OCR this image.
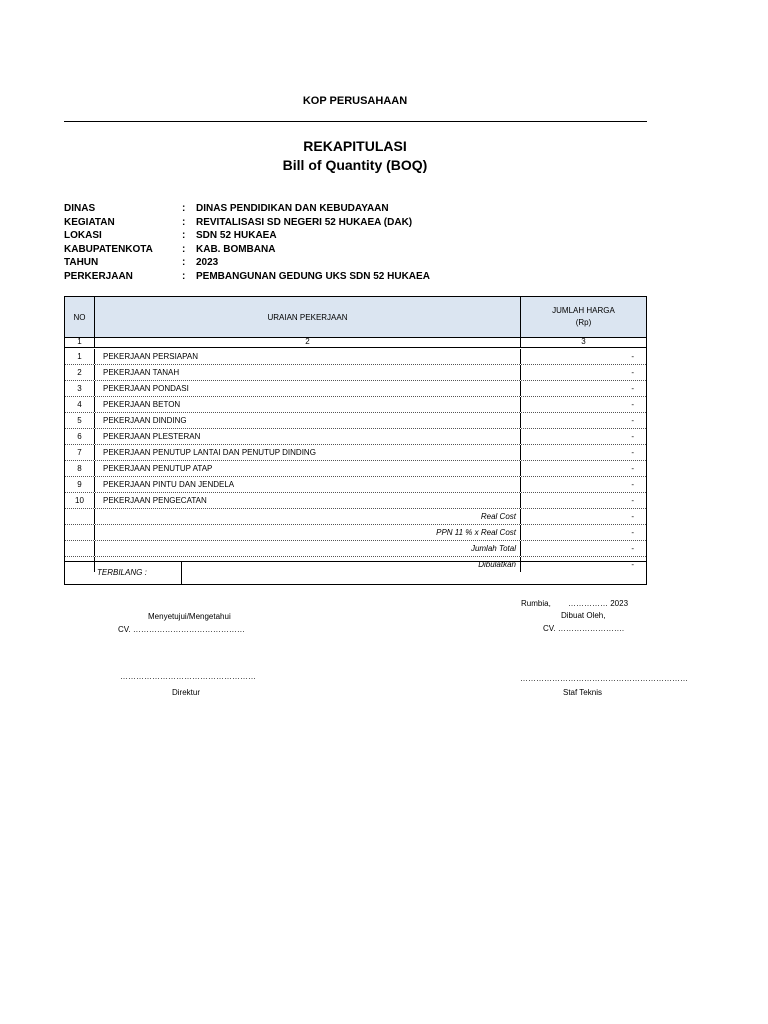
KOP PERUSAHAAN
REKAPITULASI
Bill of Quantity (BOQ)
DINAS	:	DINAS PENDIDIKAN DAN KEBUDAYAAN
KEGIATAN	:	REVITALISASI SD NEGERI 52 HUKAEA (DAK)
LOKASI	:	SDN 52 HUKAEA
KABUPATENKOTA	:	KAB. BOMBANA
TAHUN	:	2023
PERKERJAAN	:	PEMBANGUNAN GEDUNG UKS SDN 52 HUKAEA
NO	URAIAN PEKERJAAN
JUMLAH HARGA
(Rp)
1	2	3
1	PEKERJAAN PERSIAPAN	-
2	PEKERJAAN TANAH	-
3	PEKERJAAN PONDASI	-
4	PEKERJAAN BETON	-
5	PEKERJAAN DINDING	-
6	PEKERJAAN PLESTERAN	-
7	PEKERJAAN PENUTUP LANTAI DAN PENUTUP DINDING	-
8	PEKERJAAN PENUTUP ATAP	-
9	PEKERJAAN PINTU DAN JENDELA	-
10	PEKERJAAN PENGECATAN	-
Real Cost	-
PPN 11 % x Real Cost	-
Jumlah Total	-
Dibulatkan	-
TERBILANG :
Menyetujui/Mengetahui
CV. ……………………………………
……………………………………………
Direktur
Rumbia, …………… 2023
Dibuat Oleh,
CV. …………………….
………………………………………………………
Staf Teknis
